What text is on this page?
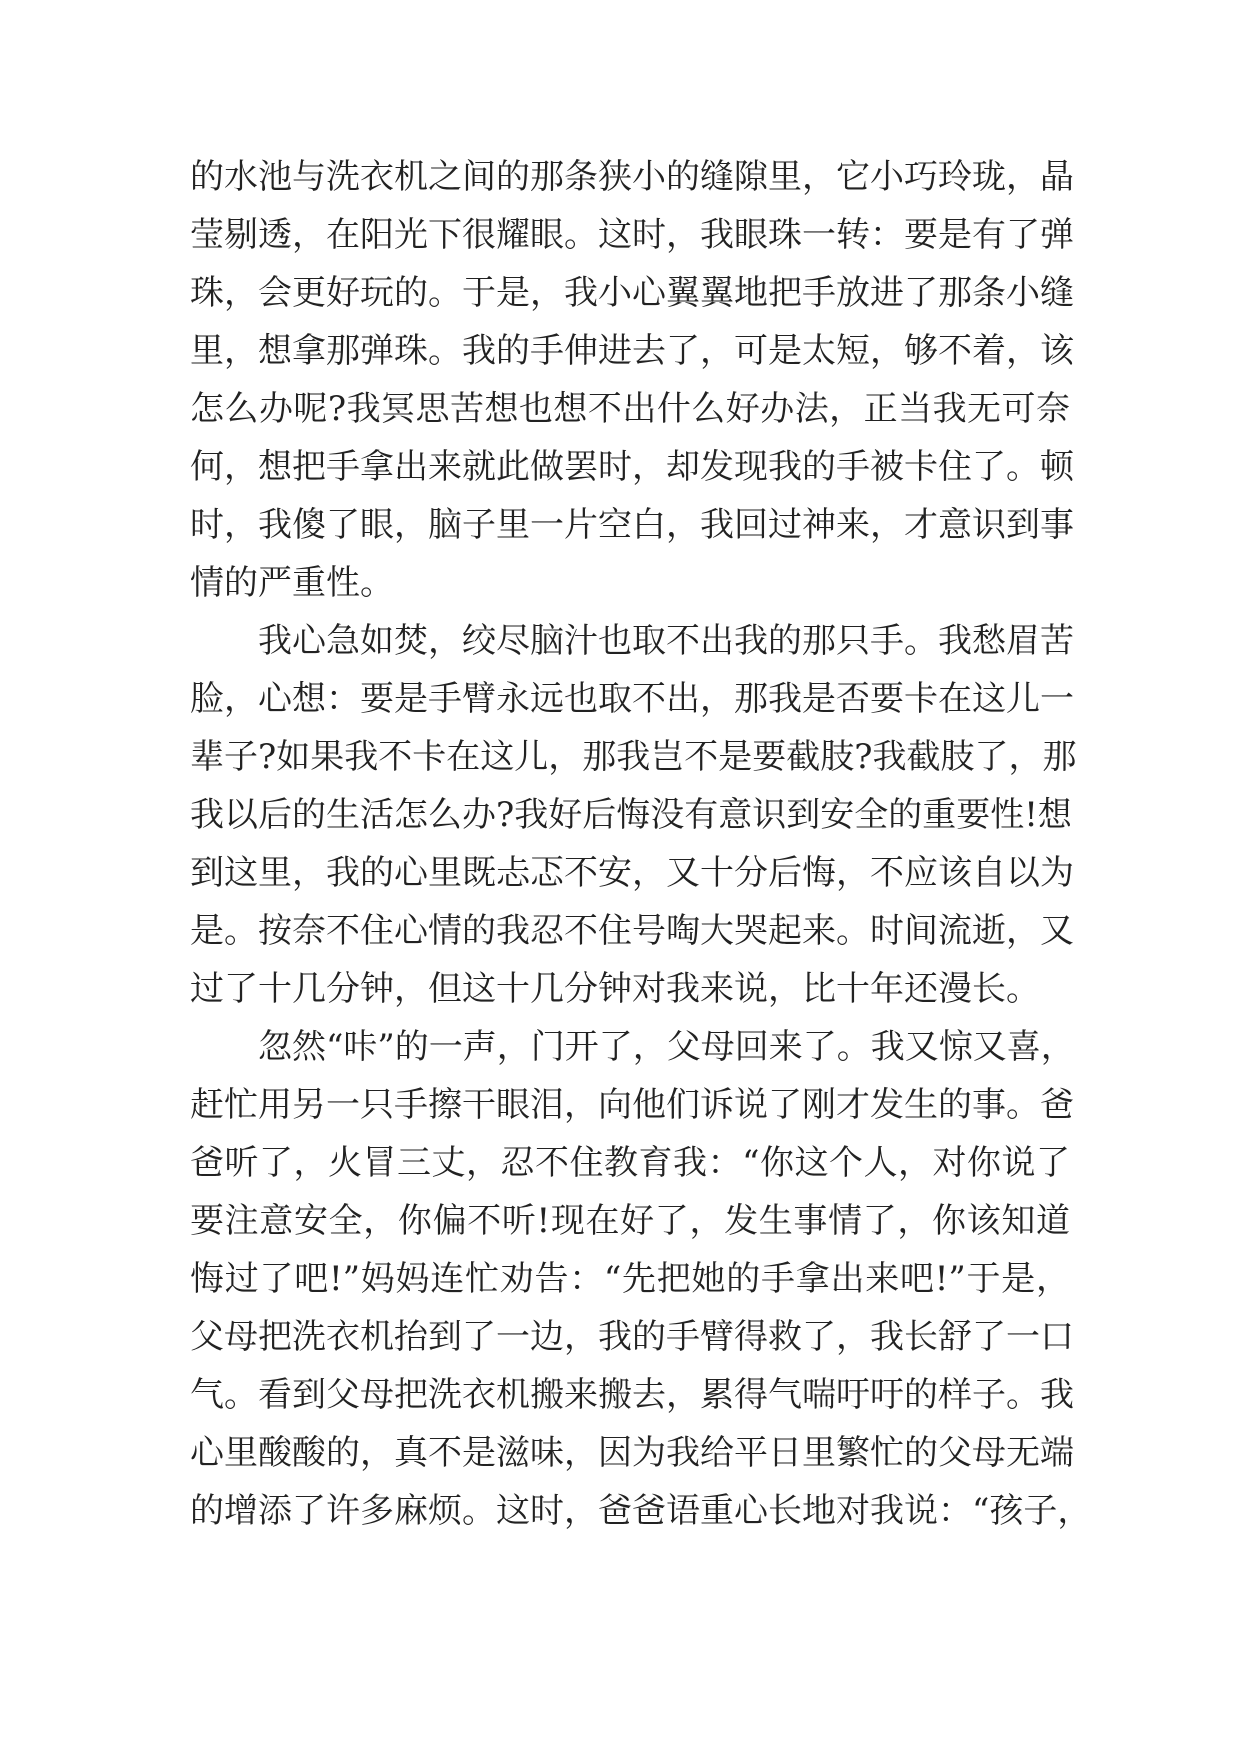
的水池与洗衣机之间的那条狭小的缝隙里，它小巧玲珑，晶
莹剔透，在阳光下很耀眼。这时，我眼珠一转：要是有了弹
珠，会更好玩的。于是，我小心翼翼地把手放进了那条小缝
里，想拿那弹珠。我的手伸进去了，可是太短，够不着，该
怎么办呢?我冥思苦想也想不出什么好办法，正当我无可奈
何，想把手拿出来就此做罢时，却发现我的手被卡住了。顿
时，我傻了眼，脑子里一片空白，我回过神来，才意识到事
情的严重性。
　　我心急如焚，绞尽脑汁也取不出我的那只手。我愁眉苦
脸，心想：要是手臂永远也取不出，那我是否要卡在这儿一
辈子?如果我不卡在这儿，那我岂不是要截肢?我截肢了，那
我以后的生活怎么办?我好后悔没有意识到安全的重要性!想
到这里，我的心里既忐忑不安，又十分后悔，不应该自以为
是。按奈不住心情的我忍不住号啕大哭起来。时间流逝，又
过了十几分钟，但这十几分钟对我来说，比十年还漫长。
　　忽然“咔”的一声，门开了，父母回来了。我又惊又喜，
赶忙用另一只手擦干眼泪，向他们诉说了刚才发生的事。爸
爸听了，火冒三丈，忍不住教育我：“你这个人，对你说了
要注意安全，你偏不听!现在好了，发生事情了，你该知道
悔过了吧!”妈妈连忙劝告：“先把她的手拿出来吧!”于是，
父母把洗衣机抬到了一边，我的手臂得救了，我长舒了一口
气。看到父母把洗衣机搬来搬去，累得气喘吁吁的样子。我
心里酸酸的，真不是滋味，因为我给平日里繁忙的父母无端
的增添了许多麻烦。这时，爸爸语重心长地对我说：“孩子，
